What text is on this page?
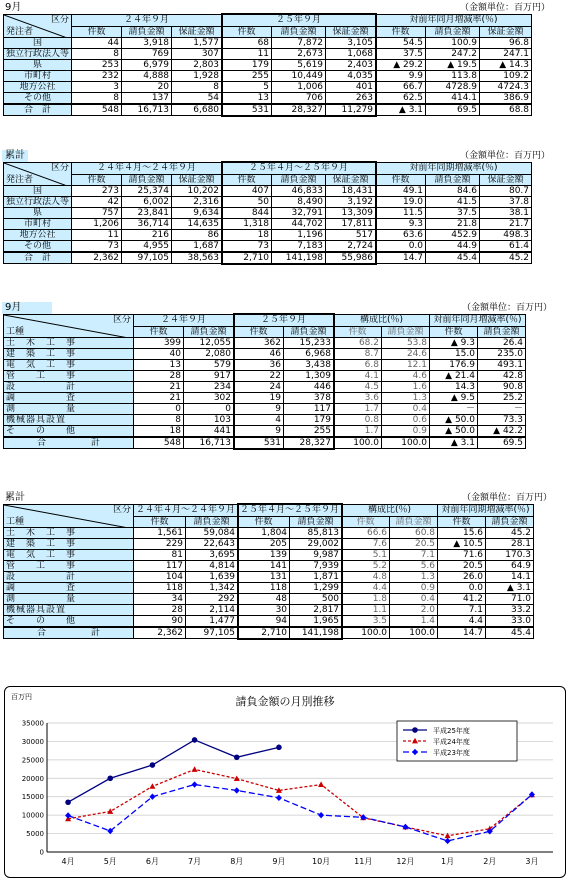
9月	（金額単位：百万円）
区分
発注者	２４年９月			２５年９月			対前年同月増減率(％)		
	件数	請負金額	保証金額	件数	請負金額	保証金額	件数	請負金額	保証金額
国	44	3,918	1,577	68	7,872	3,105	54.5	100.9	96.8
独立行政法人等	8	769	307	11	2,673	1,068	37.5	247.2	247.1
県	253	6,979	2,803	179	5,619	2,403	▲ 29.2	▲ 19.5	▲ 14.3
市町村	232	4,888	1,928	255	10,449	4,035	9.9	113.8	109.2
地方公社	3	20	8	5	1,006	401	66.7	4728.9	4724.3
その他	8	137	54	13	706	263	62.5	414.1	386.9
合　計	548	16,713	6,680	531	28,327	11,279	▲ 3.1	69.5	68.8
累計	（金額単位：百万円）
区分
発注者	２４年４月～２４年９月			２５年４月～２５年９月			対前年同期増減率(％)		
	件数	請負金額	保証金額	件数	請負金額	保証金額	件数	請負金額	保証金額
国	273	25,374	10,202	407	46,833	18,431	49.1	84.6	80.7
独立行政法人等	42	6,002	2,316	50	8,490	3,192	19.0	41.5	37.8
県	757	23,841	9,634	844	32,791	13,309	11.5	37.5	38.1
市町村	1,206	36,714	14,635	1,318	44,702	17,811	9.3	21.8	21.7
地方公社	11	216	86	18	1,196	517	63.6	452.9	498.3
その他	73	4,955	1,687	73	7,183	2,724	0.0	44.9	61.4
合　計	2,362	97,105	38,563	2,710	141,198	55,986	14.7	45.4	45.2
9月	（金額単位：百万円）
区分
工種	２４年９月		２５年９月		構成比(％)		対前年同月増減率(％)	
	件数	請負金額	件数	請負金額	件数	請負金額	件数	請負金額
土　木　工　事	399	12,055	362	15,233	68.2	53.8	▲ 9.3	26.4
建　築　工　事	40	2,080	46	6,968	8.7	24.6	15.0	235.0
電　気　工　事	13	579	36	3,438	6.8	12.1	176.9	493.1
管　　工　　事	28	917	22	1,309	4.1	4.6	▲ 21.4	42.8
設　　　　　計	21	234	24	446	4.5	1.6	14.3	90.8
調　　　　　査	21	302	19	378	3.6	1.3	▲ 9.5	25.2
測　　　　　量	0	0	9	117	1.7	0.4	－	－
機械器具設置	8	103	4	179	0.8	0.6	▲ 50.0	73.3
そ　　の　　他	18	441	9	255	1.7	0.9	▲ 50.0	▲ 42.2
合　　　　　計	548	16,713	531	28,327	100.0	100.0	▲ 3.1	69.5
累計	（金額単位：百万円）
区分
工種	２４年４月～２４年９月		２５年４月～２５年９月		構成比(％)		対前年同期増減率(％)	
	件数	請負金額	件数	請負金額	件数	請負金額	件数	請負金額
土　木　工　事	1,561	59,084	1,804	85,813	66.6	60.8	15.6	45.2
建　築　工　事	229	22,643	205	29,002	7.6	20.5	▲ 10.5	28.1
電　気　工　事	81	3,695	139	9,987	5.1	7.1	71.6	170.3
管　　工　　事	117	4,814	141	7,939	5.2	5.6	20.5	64.9
設　　　　　計	104	1,639	131	1,871	4.8	1.3	26.0	14.1
調　　　　　査	118	1,342	118	1,299	4.4	0.9	0.0	▲ 3.1
測　　　　　量	34	292	48	500	1.8	0.4	41.2	71.0
機械器具設置	28	2,114	30	2,817	1.1	2.0	7.1	33.2
そ　　の　　他	90	1,477	94	1,965	3.5	1.4	4.4	33.0
合　　　　　計	2,362	97,105	2,710	141,198	100.0	100.0	14.7	45.4
請負金額の月別推移
百万円
0
5000
10000
15000
20000
25000
30000
35000
4月	5月	6月	7月	8月	9月	10月	11月	12月	1月	2月	3月
平成25年度
平成24年度
平成23年度
